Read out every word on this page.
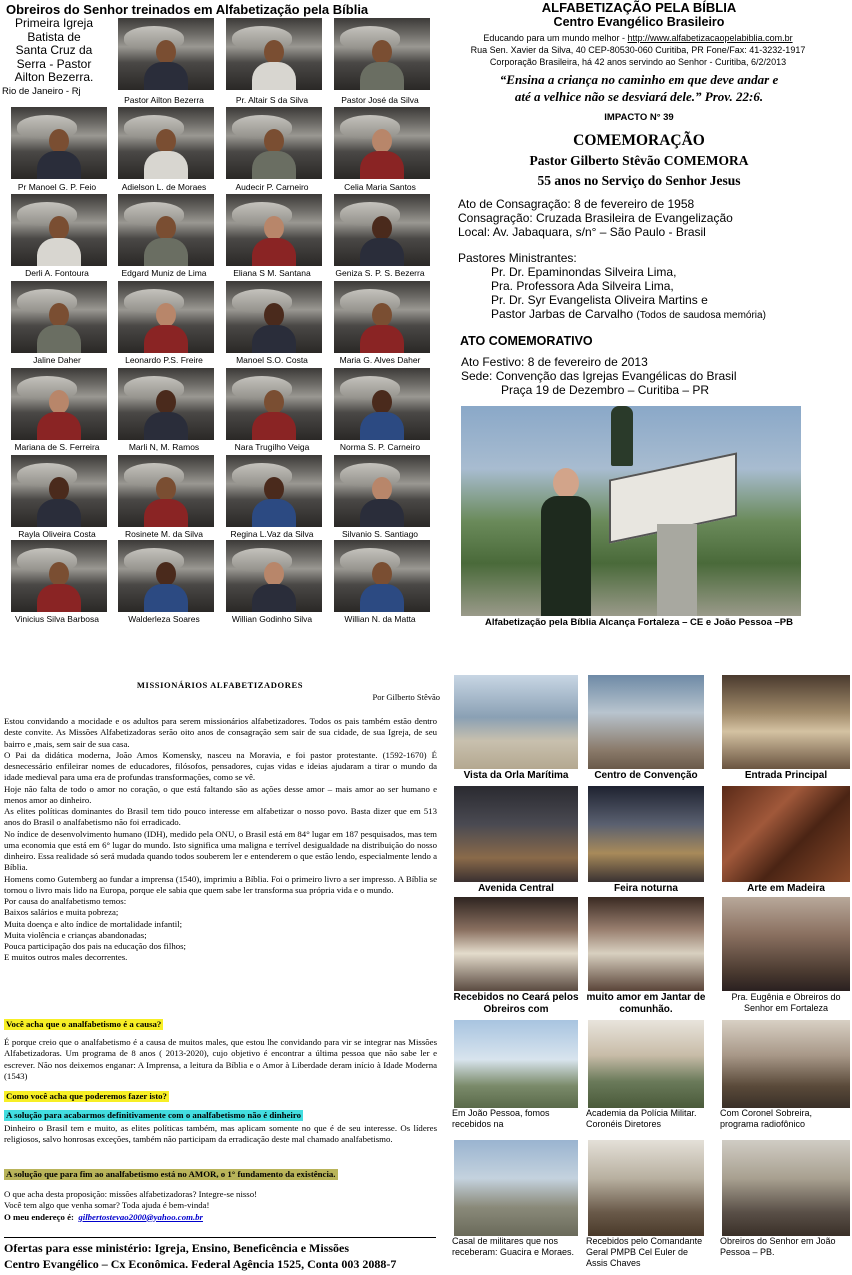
Obreiros do Senhor treinados em Alfabetização pela Bíblia
Primeira Igreja
Batista de
Santa Cruz da
Serra - Pastor
Ailton Bezerra.
Rio de Janeiro - Rj
Pastor Ailton Bezerra	Pr. Altair S da Silva	Pastor José da Silva
Pr Manoel G. P. Feio	Adielson L. de Moraes	Audecir P. Carneiro	Celia Maria Santos
Derli A. Fontoura	Edgard Muniz de Lima	Eliana S M. Santana	Geniza S. P. S. Bezerra
Jaline Daher	Leonardo P.S. Freire	Manoel S.O. Costa	Maria G. Alves Daher
Mariana de S. Ferreira	Marli N, M. Ramos	Nara Trugilho Veiga	Norma S. P. Carneiro
Rayla Oliveira Costa	Rosinete M. da Silva	Regina L.Vaz da Silva	Silvanio S. Santiago
Vinicius Silva Barbosa	Walderleza Soares	Willian Godinho Silva	Willian N. da Matta
ALFABETIZAÇÃO PELA BÍBLIA
Centro Evangélico Brasileiro
Educando para um mundo melhor - http://www.alfabetizacaopelabiblia.com.br
Rua Sen. Xavier da Silva, 40 CEP-80530-060 Curitiba, PR Fone/Fax: 41-3232-1917
Corporação Brasileira, há 42 anos servindo ao Senhor - Curitiba, 6/2/2013
“Ensina a criança no caminho em que deve andar e
até a velhice não se desviará dele.” Prov. 22:6.
IMPACTO N° 39
COMEMORAÇÃO
Pastor Gilberto Stêvão COMEMORA
55 anos no Serviço do Senhor Jesus
Ato de Consagração: 8 de fevereiro de 1958
Consagração: Cruzada Brasileira de Evangelização
Local: Av. Jabaquara, s/n° – São Paulo - Brasil
Pastores Ministrantes:
Pr. Dr. Epaminondas Silveira Lima,
Pra. Professora Ada Silveira Lima,
Pr. Dr. Syr Evangelista Oliveira Martins e
Pastor Jarbas de Carvalho (Todos de saudosa memória)
ATO COMEMORATIVO
Ato Festivo: 8 de fevereiro de 2013
Sede: Convenção das Igrejas Evangélicas do Brasil
Praça 19 de Dezembro – Curitiba – PR
Alfabetização pela Bíblia Alcança Fortaleza – CE e João Pessoa –PB
MISSIONÁRIOS ALFABETIZADORES
Por Gilberto Stêvão

Estou convidando a mocidade e os adultos para serem missionários alfabetizadores. Todos os pais também estão dentro deste convite. As Missões Alfabetizadoras serão oito anos de consagração sem sair de sua cidade, de sua Igreja, de seu bairro e ,mais, sem sair de sua casa.

O Pai da didática moderna, João Amos Komensky, nasceu na Moravia, e foi pastor protestante. (1592-1670) É desnecessário enfileirar nomes de educadores, filósofos, pensadores, cujas vidas e ideias ajudaram a tirar o mundo da idade medieval para uma era de profundas transformações, como se vê.

Hoje não falta de todo o amor no coração, o que está faltando são as ações desse amor – mais amor ao ser humano e menos amor ao dinheiro.

As elites políticas dominantes do Brasil tem tido pouco interesse em alfabetizar o nosso povo. Basta dizer que em 513 anos do Brasil o analfabetismo não foi erradicado.

No índice de desenvolvimento humano (IDH), medido pela ONU, o Brasil está em 84° lugar em 187 pesquisados, mas tem uma economia que está em 6° lugar do mundo. Isto significa uma maligna e terrível desigualdade na distribuição do nosso dinheiro. Essa realidade só será mudada quando todos souberem ler e entenderem o que estão lendo, especialmente lendo a Bíblia.

Homens como Gutemberg ao fundar a imprensa (1540), imprimiu a Bíblia. Foi o primeiro livro a ser impresso. A Bíblia se tornou o livro mais lido na Europa, porque ele sabia que quem sabe ler transforma sua própria vida e o mundo.

Por causa do analfabetismo temos:

Baixos salários e muita pobreza;

Muita doença e alto índice de mortalidade infantil;

Muita violência e crianças abandonadas;

Pouca participação dos pais na educação dos filhos;

E muitos outros males decorrentes.

Você acha que o analfabetismo é a causa?

É porque creio que o analfabetismo é a causa de muitos males, que estou lhe convidando para vir se integrar nas Missões Alfabetizadoras. Um programa de 8 anos ( 2013-2020), cujo objetivo é encontrar a última pessoa que não sabe ler e escrever. Não nos deixemos enganar: A Imprensa, a leitura da Bíblia e o Amor à Liberdade deram início à Idade Moderna (1543)

Como você acha que poderemos fazer isto?
A solução para acabarmos definitivamente com o analfabetismo não é dinheiro

Dinheiro o Brasil tem e muito, as elites políticas também, mas aplicam somente no que é de seu interesse. Os líderes religiosos, salvo honrosas exceções, também não participam da erradicação deste mal chamado analfabetismo.

A solução que para fim ao analfabetismo está no AMOR, o 1° fundamento da existência.

O que acha desta proposição: missões alfabetizadoras? Integre-se nisso!

Você tem algo que venha somar? Toda ajuda é bem-vinda!

O meu endereço é: gilbertostevao2000@yahoo.com.br

Ofertas para esse ministério: Igreja, Ensino, Beneficência e Missões
Centro Evangélico – Cx Econômica. Federal Agência 1525, Conta 003 2088-7
Vista da Orla Marítima	Centro de Convenção	Entrada Principal
Avenida Central	Feira noturna	Arte em Madeira
Recebidos no Ceará pelos Obreiros com
muito amor em Jantar de comunhão.
Pra. Eugênia e Obreiros do Senhor em Fortaleza
Em João Pessoa, fomos recebidos na
Academia da Polícia Militar. Coronéis Diretores
Com Coronel Sobreira, programa radiofônico
Casal de militares que nos receberam: Guacira e Moraes.
Recebidos pelo Comandante Geral PMPB Cel Euler de Assis Chaves
Obreiros do Senhor em João Pessoa – PB.
